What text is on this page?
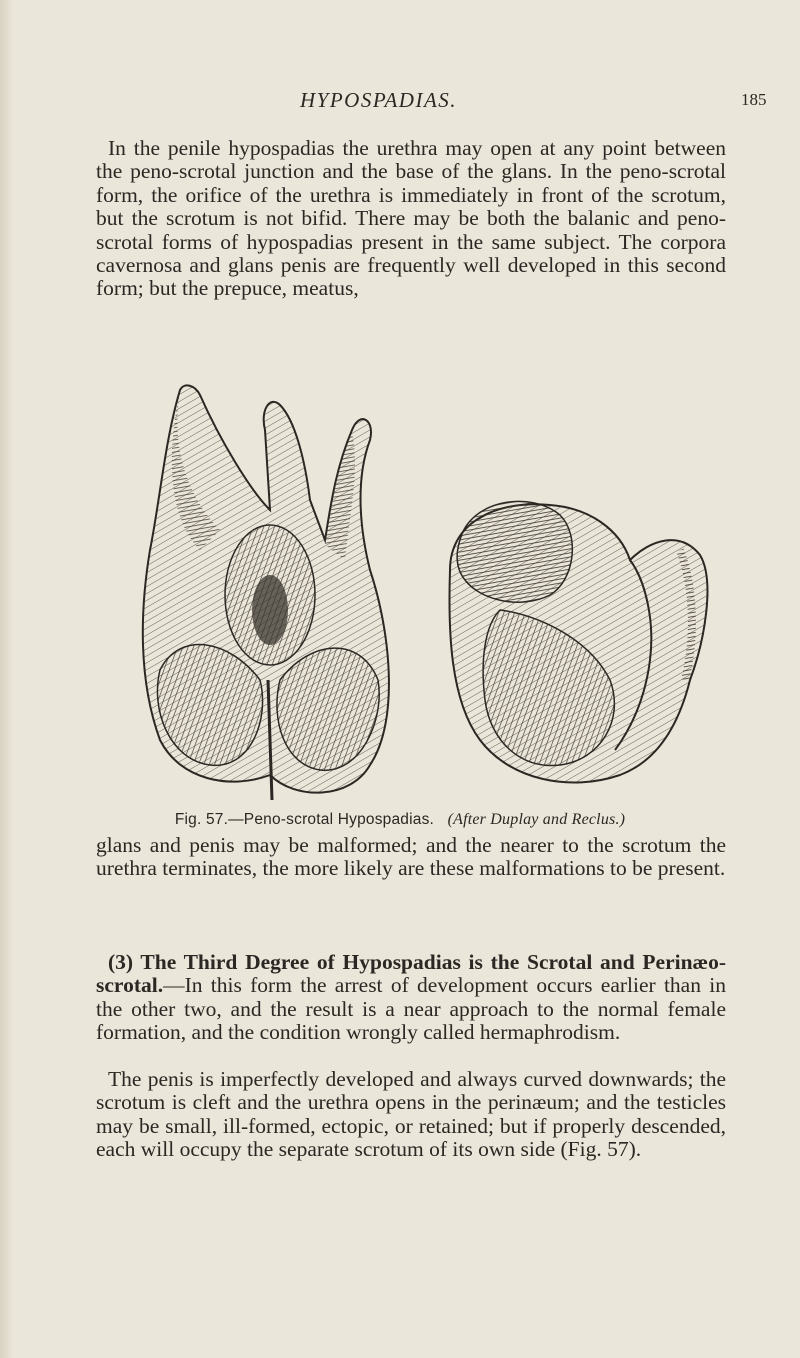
HYPOSPADIAS.	185

In the penile hypospadias the urethra may open at any point between the peno-scrotal junction and the base of the glans. In the peno-scrotal form, the orifice of the urethra is immediately in front of the scrotum, but the scrotum is not bifid. There may be both the balanic and peno-scrotal forms of hypospadias present in the same subject. The corpora cavernosa and glans penis are frequently well developed in this second form; but the prepuce, meatus,

Fig. 57.—Peno-scrotal Hypospadias. (After Duplay and Reclus.)

glans and penis may be malformed; and the nearer to the scrotum the urethra terminates, the more likely are these malformations to be present.

(3) The Third Degree of Hypospadias is the Scrotal and Perinæo-scrotal.—In this form the arrest of development occurs earlier than in the other two, and the result is a near approach to the normal female formation, and the condition wrongly called hermaphrodism.

The penis is imperfectly developed and always curved downwards; the scrotum is cleft and the urethra opens in the perinæum; and the testicles may be small, ill-formed, ectopic, or retained; but if properly descended, each will occupy the separate scrotum of its own side (Fig. 57).
